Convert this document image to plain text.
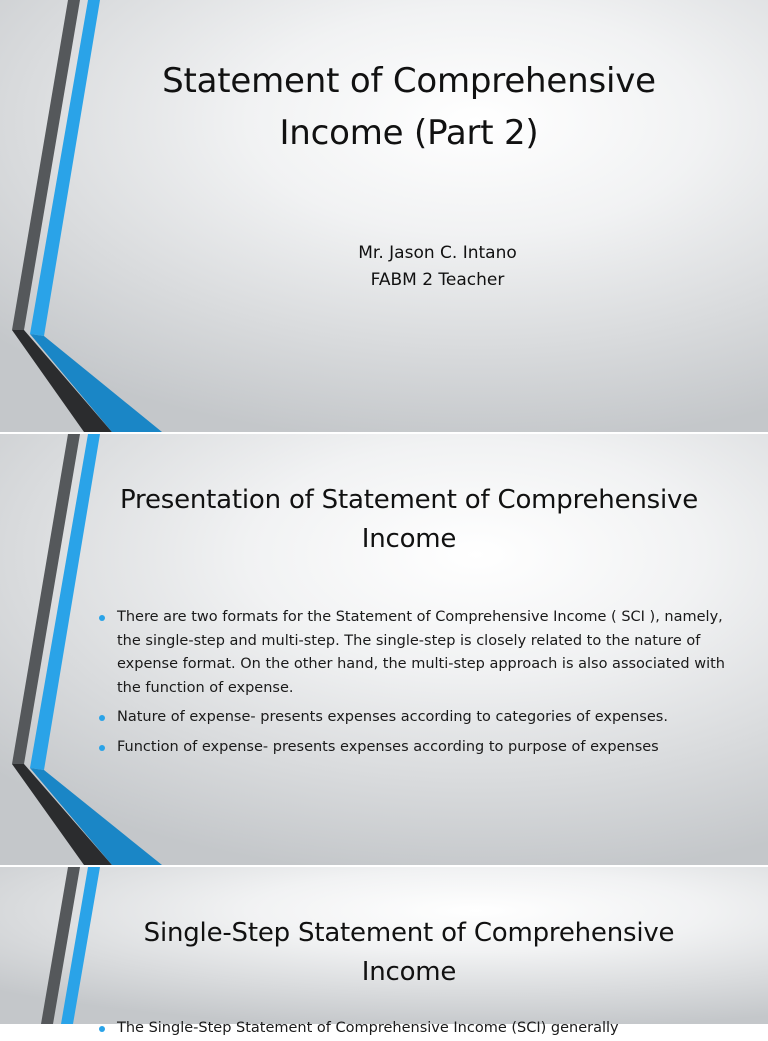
Statement of Comprehensive Income (Part 2)
Mr. Jason C. Intano
FABM 2 Teacher
Presentation of Statement of Comprehensive Income
There are two formats for the Statement of Comprehensive Income ( SCI ), namely, the single-step and multi-step. The single-step is closely related to the nature of expense format. On the other hand, the multi-step approach is also associated with the function of expense.
Nature of expense- presents expenses according to categories of expenses.
Function of expense- presents expenses according to purpose of expenses
Single-Step Statement of Comprehensive Income
The Single-Step Statement of Comprehensive Income (SCI) generally
